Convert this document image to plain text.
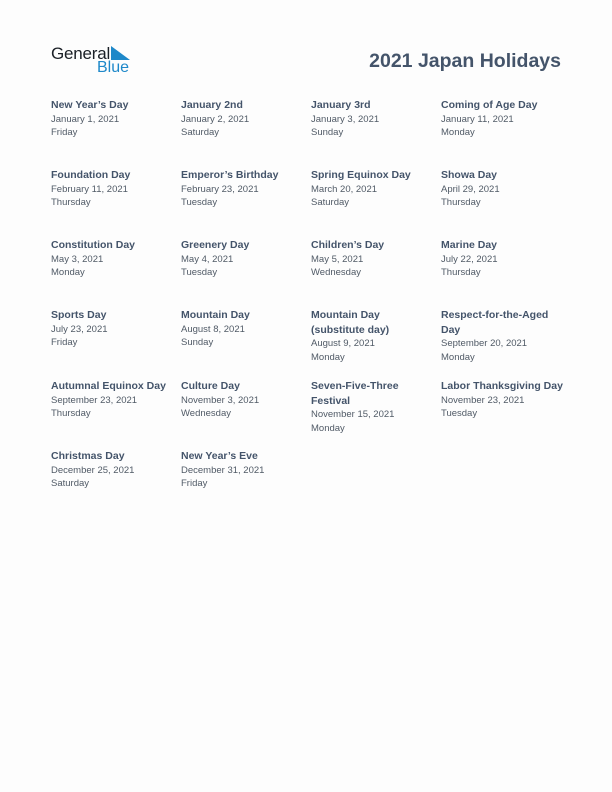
General
Blue	2021 Japan Holidays
New Year’s Day
January 1, 2021
Friday
January 2nd
January 2, 2021
Saturday
January 3rd
January 3, 2021
Sunday
Coming of Age Day
January 11, 2021
Monday
Foundation Day
February 11, 2021
Thursday
Emperor’s Birthday
February 23, 2021
Tuesday
Spring Equinox Day
March 20, 2021
Saturday
Showa Day
April 29, 2021
Thursday
Constitution Day
May 3, 2021
Monday
Greenery Day
May 4, 2021
Tuesday
Children’s Day
May 5, 2021
Wednesday
Marine Day
July 22, 2021
Thursday
Sports Day
July 23, 2021
Friday
Mountain Day
August 8, 2021
Sunday
Mountain Day (substitute day)
August 9, 2021
Monday
Respect-for-the-Aged Day
September 20, 2021
Monday
Autumnal Equinox Day
September 23, 2021
Thursday
Culture Day
November 3, 2021
Wednesday
Seven-Five-Three Festival
November 15, 2021
Monday
Labor Thanksgiving Day
November 23, 2021
Tuesday
Christmas Day
December 25, 2021
Saturday
New Year’s Eve
December 31, 2021
Friday
